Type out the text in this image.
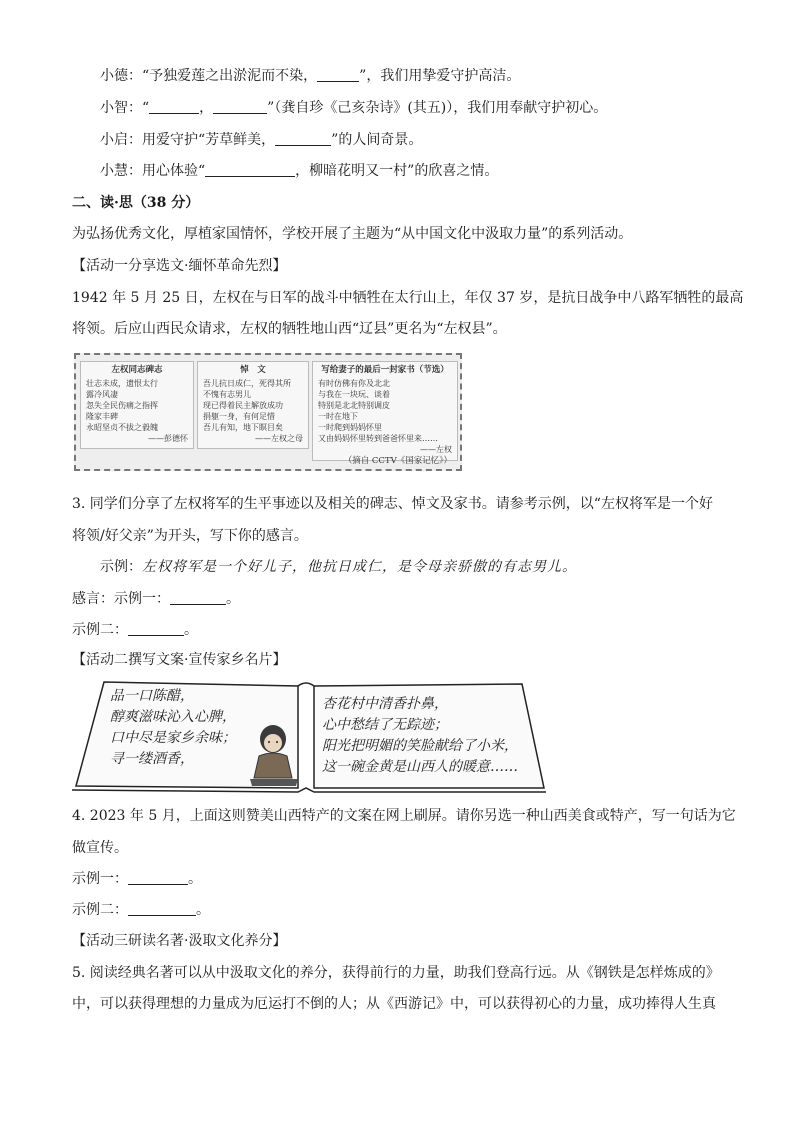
小德：“予独爱莲之出淤泥而不染，	”，我们用挚爱守护高洁。
小智：“	，	”（龚自珍《己亥杂诗》(其五)），我们用奉献守护初心。
小启：用爱守护“芳草鲜美，	”的人间奇景。
小慧：用心体验“	，柳暗花明又一村”的欣喜之情。
二、读·思（38 分）
为弘扬优秀文化，厚植家国情怀，学校开展了主题为“从中国文化中汲取力量”的系列活动。
【活动一分享选文·缅怀革命先烈】
1942 年 5 月 25 日，左权在与日军的战斗中牺牲在太行山上，年仅 37 岁，是抗日战争中八路军牺牲的最高
将领。后应山西民众请求，左权的牺牲地山西“辽县”更名为“左权县”。
左权同志碑志
壮志未成，遗恨太行
露冷风凄
忽失全民伤痛之指挥
隆家丰碑
永昭坚贞不拔之毅魄
——彭德怀
悼　文
吾儿抗日成仁，死得其所
不愧有志男儿
现已得着民主解放成功
捐躯一身，有何足惜
吾儿有知，地下瞑目矣
——左权之母
写给妻子的最后一封家书（节选）
有时仿佛有你及北北
与我在一块玩、谈着
特别是北北特别调皮
一时在地下
一时爬到妈妈怀里
又由妈妈怀里转到爸爸怀里来……
——左权
（摘自 CCTV《国家记忆》）
3. 同学们分享了左权将军的生平事迹以及相关的碑志、悼文及家书。请参考示例，以“左权将军是一个好
将领/好父亲”为开头，写下你的感言。
示例：左权将军是一个好儿子，他抗日成仁，是令母亲骄傲的有志男儿。
感言：示例一：	。
示例二：	。
【活动二撰写文案·宣传家乡名片】
品一口陈醋，
醇爽滋味沁入心脾，
口中尽是家乡余味；
寻一缕酒香，
杏花村中清香扑鼻，
心中愁结了无踪迹；
阳光把明媚的笑脸献给了小米，
这一碗金黄是山西人的暖意……
4. 2023 年 5 月，上面这则赞美山西特产的文案在网上刷屏。请你另选一种山西美食或特产，写一句话为它
做宣传。
示例一：	。
示例二：	。
【活动三研读名著·汲取文化养分】
5. 阅读经典名著可以从中汲取文化的养分，获得前行的力量，助我们登高行远。从《钢铁是怎样炼成的》
中，可以获得理想的力量成为厄运打不倒的人；从《西游记》中，可以获得初心的力量，成功捧得人生真
